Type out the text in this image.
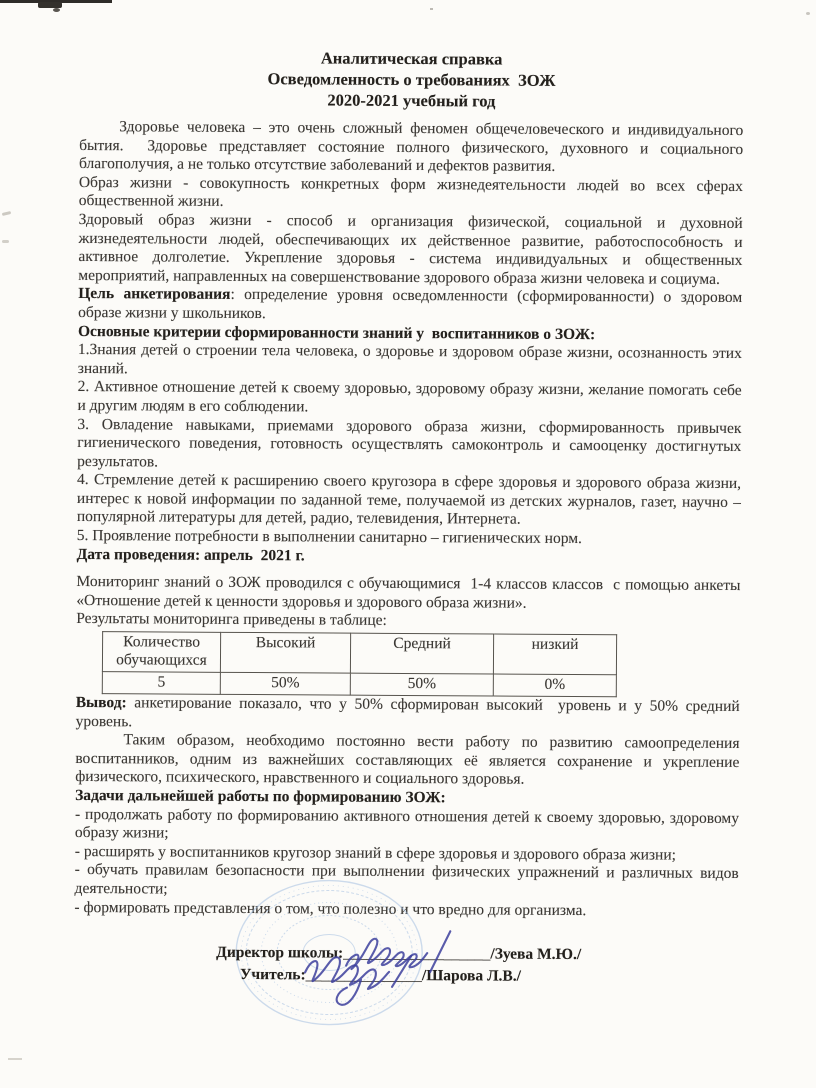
Аналитическая справка
Осведомленность о требованиях  ЗОЖ
2020-2021 учебный год

Здоровье человека – это очень сложный феномен общечеловеческого и индивидуального бытия.  Здоровье представляет состояние полного физического, духовного и социального благополучия, а не только отсутствие заболеваний и дефектов развития.

Образ жизни - совокупность конкретных форм жизнедеятельности людей во всех сферах общественной жизни.

Здоровый образ жизни - способ и организация физической, социальной и духовной жизнедеятельности людей, обеспечивающих их действенное развитие, работоспособность и активное долголетие. Укрепление здоровья - система индивидуальных и общественных мероприятий, направленных на совершенствование здорового образа жизни человека и социума.

Цель анкетирования: определение уровня осведомленности (сформированности) о здоровом образе жизни у школьников.

Основные критерии сформированности знаний у  воспитанников о ЗОЖ:

1.Знания детей о строении тела человека, о здоровье и здоровом образе жизни, осознанность этих знаний.

2. Активное отношение детей к своему здоровью, здоровому образу жизни, желание помогать себе и другим людям в его соблюдении.

3. Овладение навыками, приемами здорового образа жизни, сформированность привычек гигиенического поведения, готовность осуществлять самоконтроль и самооценку достигнутых результатов.

4. Стремление детей к расширению своего кругозора в сфере здоровья и здорового образа жизни, интерес к новой информации по заданной теме, получаемой из детских журналов, газет, научно – популярной литературы для детей, радио, телевидения, Интернета.

5. Проявление потребности в выполнении санитарно – гигиенических норм.

Дата проведения: апрель  2021 г.

Мониторинг знаний о ЗОЖ проводился с обучающимися  1-4 классов классов  с помощью анкеты «Отношение детей к ценности здоровья и здорового образа жизни».

Результаты мониторинга приведены в таблице:

Количество обучающихся	Высокий	Средний	низкий
5	50%	50%	0%

Вывод: анкетирование показало, что у 50% сформирован высокий  уровень и у 50% средний уровень.

Таким образом, необходимо постоянно вести работу по развитию самоопределения воспитанников, одним из важнейших составляющих её является сохранение и укрепление физического, психического, нравственного и социального здоровья.

Задачи дальнейшей работы по формированию ЗОЖ:

- продолжать работу по формированию активного отношения детей к своему здоровью, здоровому образу жизни;

- расширять у воспитанников кругозор знаний в сфере здоровья и здорового образа жизни;

- обучать правилам безопасности при выполнении физических упражнений и различных видов деятельности;

- формировать представления о том, что полезно и что вредно для организма.

Директор школы:___________________/Зуева М.Ю./
Учитель:_______________/Шарова Л.В./
